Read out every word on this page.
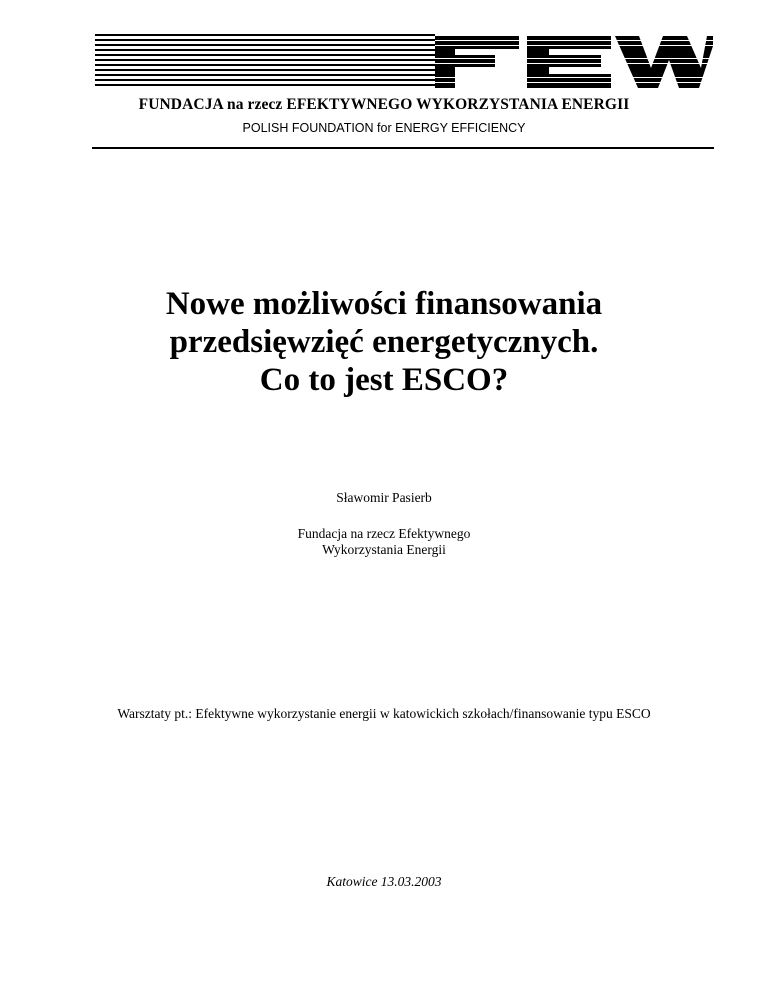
FUNDACJA na rzecz EFEKTYWNEGO WYKORZYSTANIA ENERGII
POLISH FOUNDATION for ENERGY EFFICIENCY
Nowe możliwości finansowania
przedsięwzięć energetycznych.
Co to jest ESCO?
Sławomir Pasierb
Fundacja na rzecz Efektywnego
Wykorzystania Energii
Warsztaty pt.: Efektywne wykorzystanie energii w katowickich szkołach/finansowanie typu ESCO
Katowice 13.03.2003
